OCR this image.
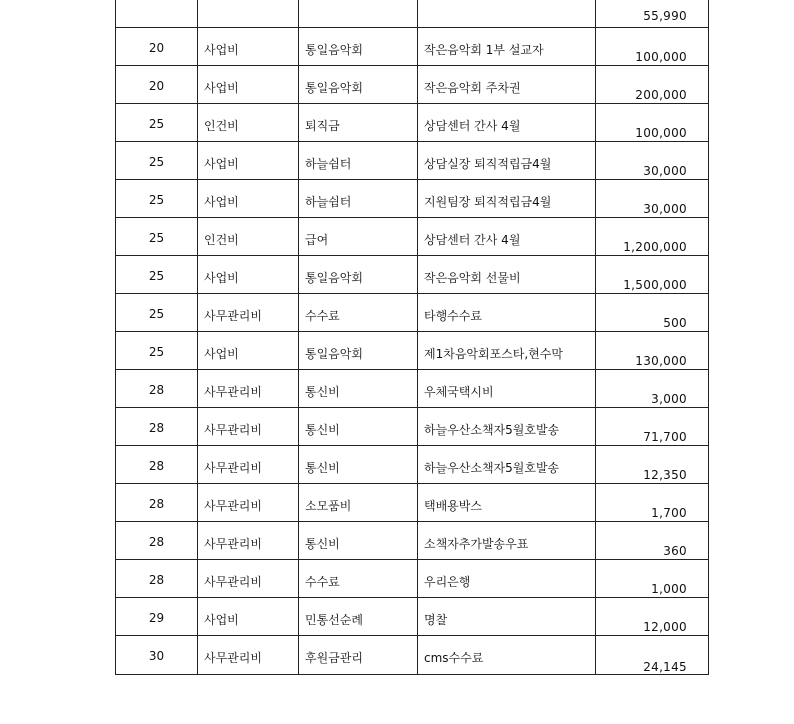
				55,990
20	사업비	통일음악회	작은음악회 1부 설교자	100,000
20	사업비	통일음악회	작은음악회 주차권	200,000
25	인건비	퇴직금	상담센터 간사 4월	100,000
25	사업비	하늘쉼터	상담실장 퇴직적립금4월	30,000
25	사업비	하늘쉼터	지원팀장 퇴직적립금4월	30,000
25	인건비	급여	상담센터 간사 4월	1,200,000
25	사업비	통일음악회	작은음악회 선물비	1,500,000
25	사무관리비	수수료	타행수수료	500
25	사업비	통일음악회	제1차음악회포스타,현수막	130,000
28	사무관리비	통신비	우체국택시비	3,000
28	사무관리비	통신비	하늘우산소책자5월호발송	71,700
28	사무관리비	통신비	하늘우산소책자5월호발송	12,350
28	사무관리비	소모품비	택배용박스	1,700
28	사무관리비	통신비	소책자추가발송우표	360
28	사무관리비	수수료	우리은행	1,000
29	사업비	민통선순례	명찰	12,000
30	사무관리비	후원금관리	cms수수료	24,145
